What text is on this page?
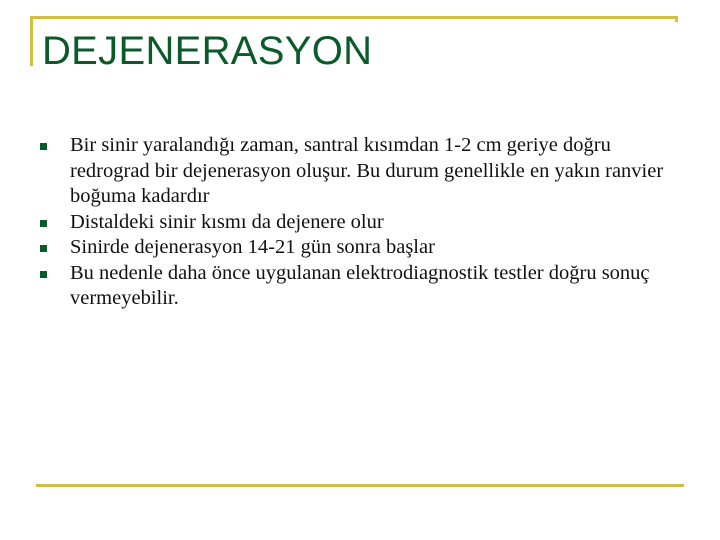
DEJENERASYON
Bir sinir yaralandığı zaman, santral kısımdan 1-2 cm geriye doğru redrograd bir dejenerasyon oluşur. Bu durum genellikle en yakın ranvier boğuma kadardır
Distaldeki sinir kısmı da dejenere olur
Sinirde dejenerasyon 14-21 gün sonra başlar
Bu nedenle daha önce uygulanan elektrodiagnostik testler doğru sonuç vermeyebilir.
